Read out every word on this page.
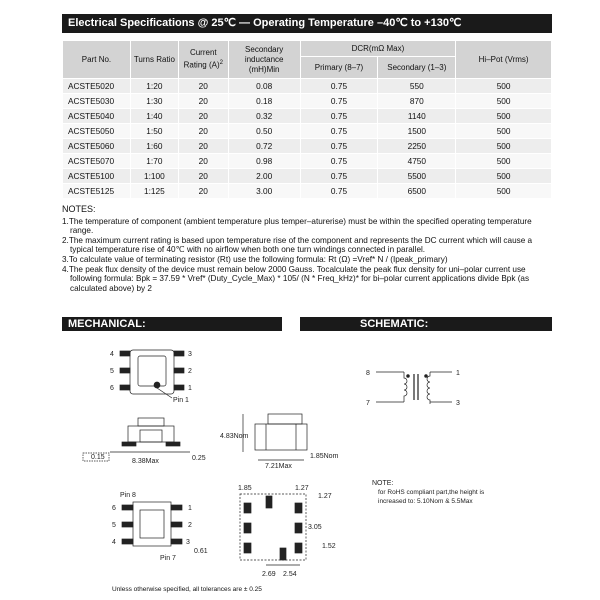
Electrical Specifications @ 25℃ — Operating Temperature –40℃ to +130℃
Part No.	Turns Ratio	Current Rating $(A)^2$	Secondary inductance (mH)Min	DCR(mΩ Max)		Hi–Pot (Vrms)
				Primary (8–7)	Secondary (1–3)	
ACSTE5020	1:20	20	0.08	0.75	550	500
ACSTE5030	1:30	20	0.18	0.75	870	500
ACSTE5040	1:40	20	0.32	0.75	1140	500
ACSTE5050	1:50	20	0.50	0.75	1500	500
ACSTE5060	1:60	20	0.72	0.75	2250	500
ACSTE5070	1:70	20	0.98	0.75	4750	500
ACSTE5100	1:100	20	2.00	0.75	5500	500
ACSTE5125	1:125	20	3.00	0.75	6500	500
NOTES:
1.The temperature of component (ambient temperature plus temper–aturerise) must be within the specified operating temperature range.
2.The maximum current rating is based upon temperature rise of the component and represents the DC current which will cause a typical temperature rise of 40℃ with no airflow when both one turn windings connected in parallel.
3.To calculate value of terminating resistor (Rt) use the following formula: Rt (Ω) =Vref* N / (Ipeak_primary)
4.The peak flux density of the device must remain below 2000 Gauss. Tocalculate the peak flux density for uni–polar current use following formula: Bpk = 37.59 * Vref* (Duty_Cycle_Max) * 105/ (N * Freq_kHz)* for bi–polar current applications divide Bpk (as calculated above) by 2
MECHANICAL:	SCHEMATIC:
4
5
6
3
2
1
Pin 1
0.15
8.38Max	0.25
4.83Nom
7.21Max
1.85Nom
6
5
4
1
2
3
Pin 8
Pin 7
0.61
1.85	1.27
1.27
3.05
1.52
2.69 2.54
8
7
1
3
NOTE:
for RoHS compliant part,the height is
increased to: 5.10Nom & 5.5Max
Unless otherwise specified, all tolerances are ± 0.25
